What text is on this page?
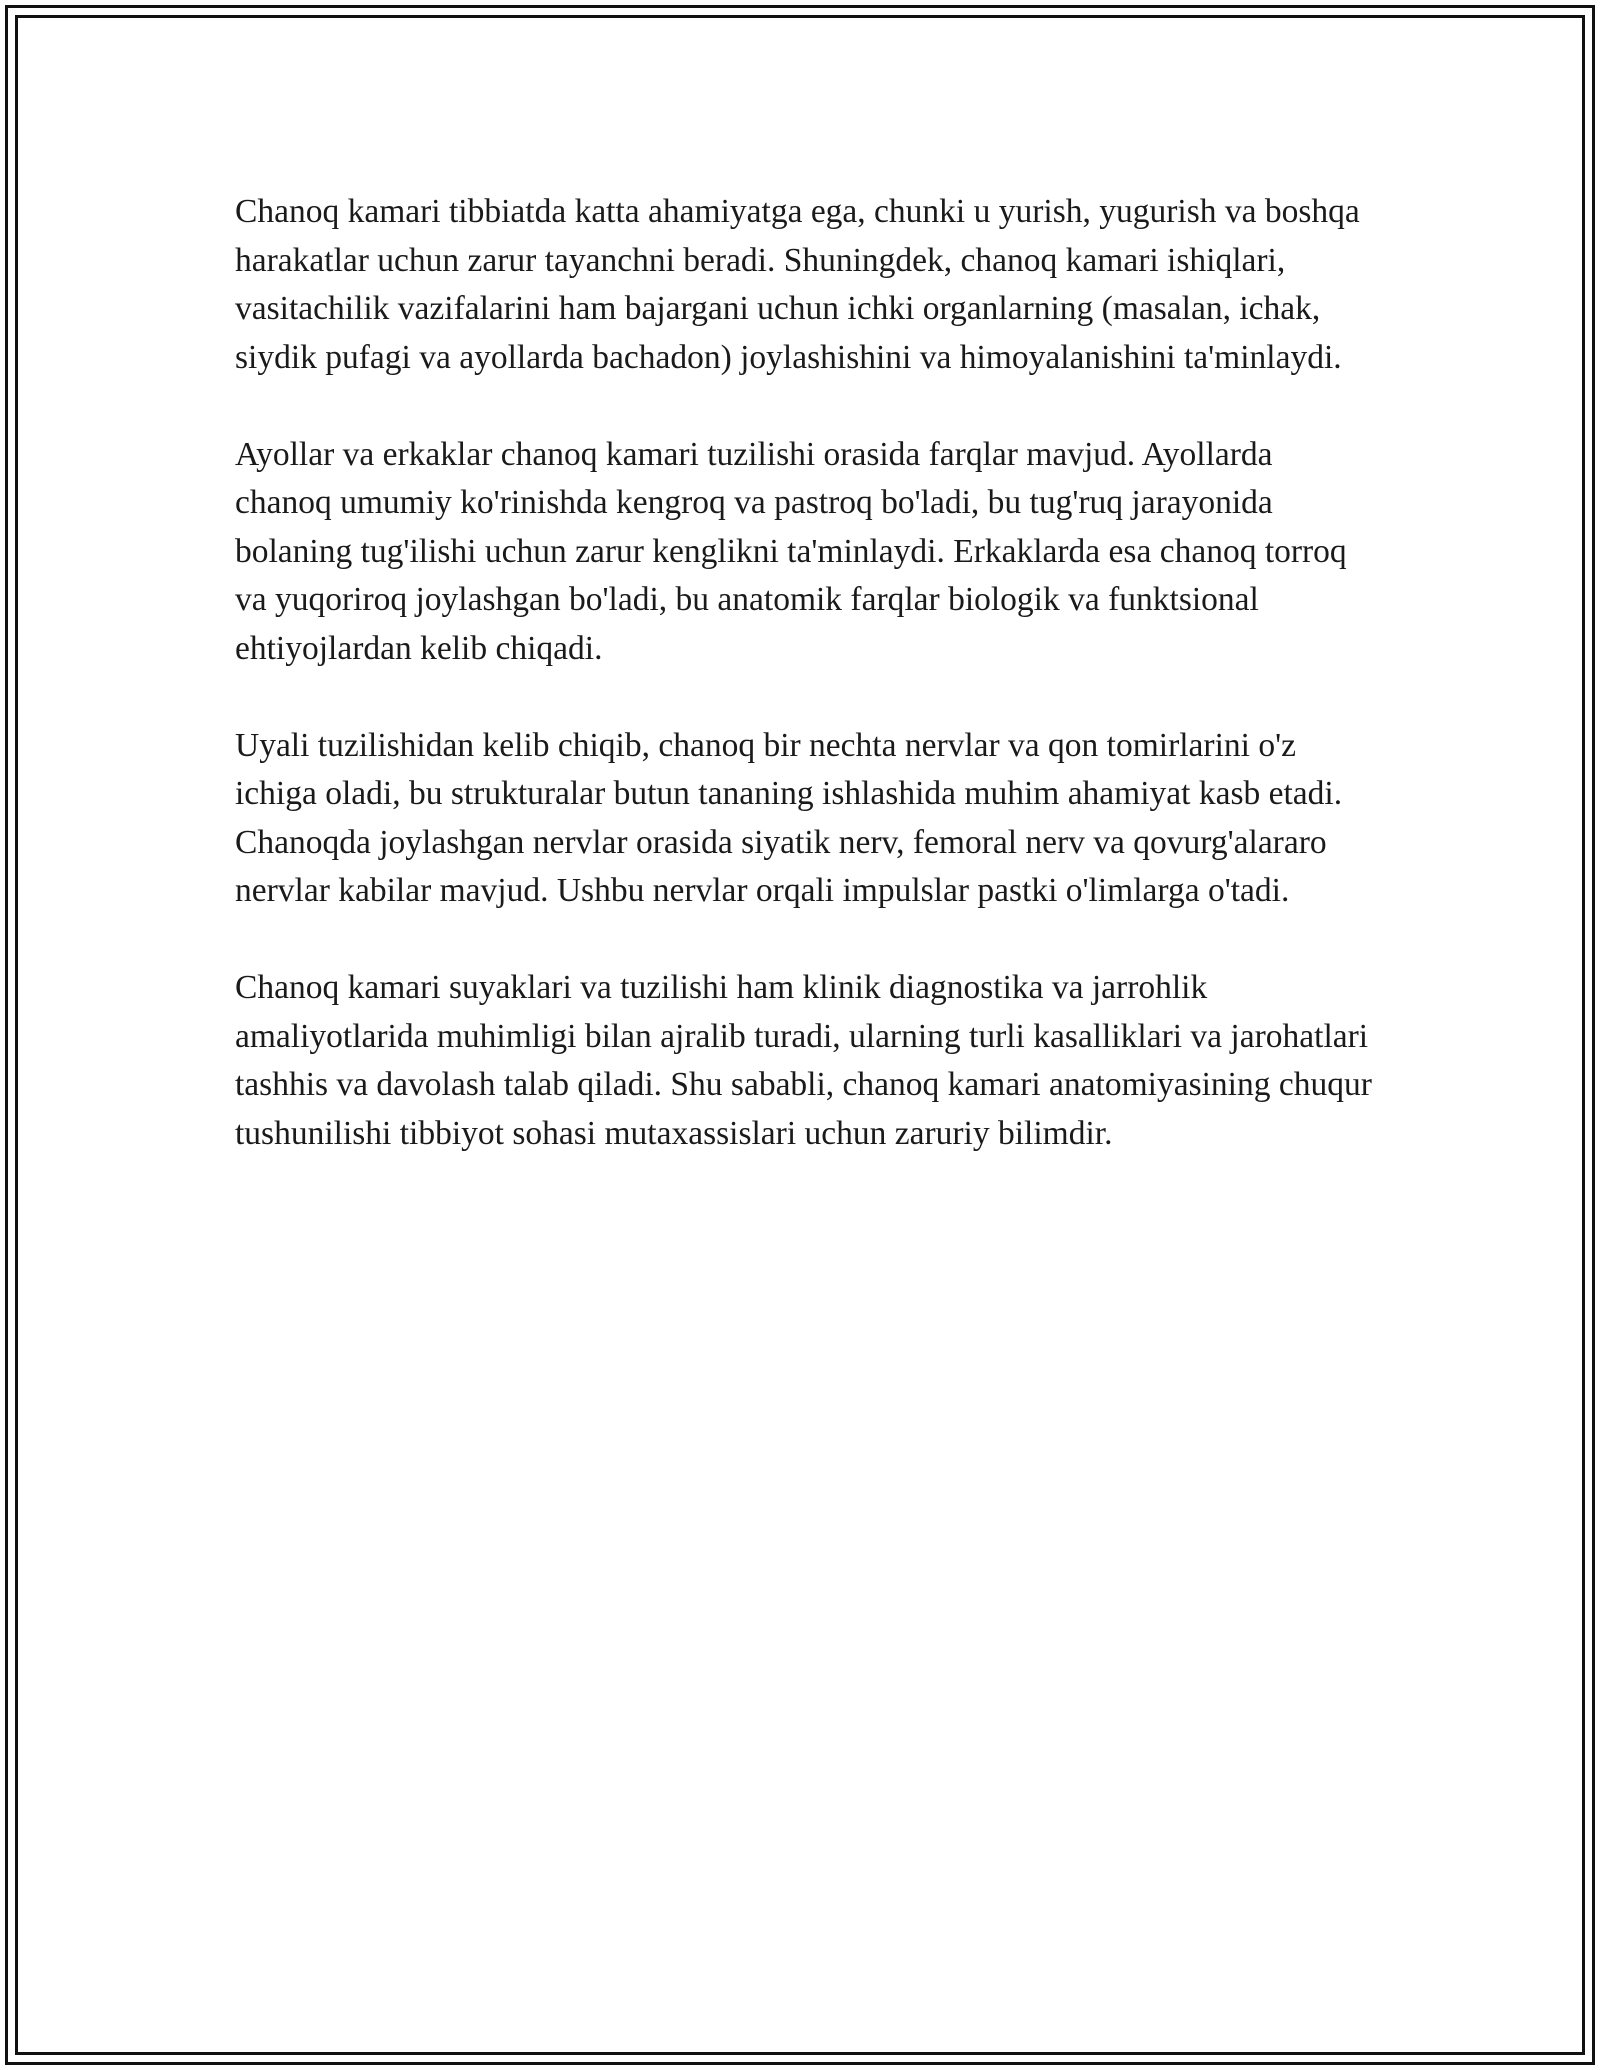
Chanoq kamari tibbiatda katta ahamiyatga ega, chunki u yurish, yugurish va boshqa harakatlar uchun zarur tayanchni beradi. Shuningdek, chanoq kamari ishiqlari, vasitachilik vazifalarini ham bajargani uchun ichki organlarning (masalan, ichak, siydik pufagi va ayollarda bachadon) joylashishini va himoyalanishini ta'minlaydi.

Ayollar va erkaklar chanoq kamari tuzilishi orasida farqlar mavjud. Ayollarda chanoq umumiy ko'rinishda kengroq va pastroq bo'ladi, bu tug'ruq jarayonida bolaning tug'ilishi uchun zarur kenglikni ta'minlaydi. Erkaklarda esa chanoq torroq va yuqoriroq joylashgan bo'ladi, bu anatomik farqlar biologik va funktsional ehtiyojlardan kelib chiqadi.

Uyali tuzilishidan kelib chiqib, chanoq bir nechta nervlar va qon tomirlarini o'z ichiga oladi, bu strukturalar butun tananing ishlashida muhim ahamiyat kasb etadi. Chanoqda joylashgan nervlar orasida siyatik nerv, femoral nerv va qovurg'alararo nervlar kabilar mavjud. Ushbu nervlar orqali impulslar pastki o'limlarga o'tadi.

Chanoq kamari suyaklari va tuzilishi ham klinik diagnostika va jarrohlik amaliyotlarida muhimligi bilan ajralib turadi, ularning turli kasalliklari va jarohatlari tashhis va davolash talab qiladi. Shu sababli, chanoq kamari anatomiyasining chuqur tushunilishi tibbiyot sohasi mutaxassislari uchun zaruriy bilimdir.
